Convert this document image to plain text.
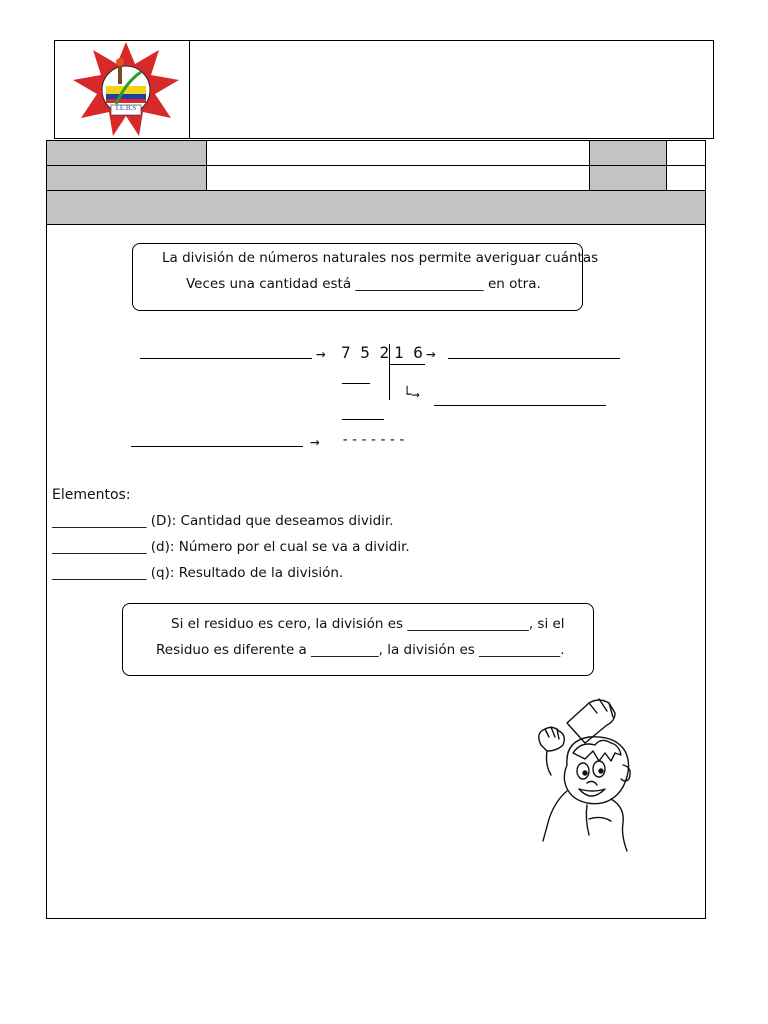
I.E.B.S
La división de números naturales nos permite averiguar cuántas
Veces una cantidad está ___________________ en otra.
→ 7 5 2 1 6 →
└→
→ -------
Elementos:
______________ (D): Cantidad que deseamos dividir.
______________ (d): Número por el cual se va a dividir.
______________ (q): Resultado de la división.
Si el residuo es cero, la división es __________________, si el
Residuo es diferente a __________, la división es ____________.
